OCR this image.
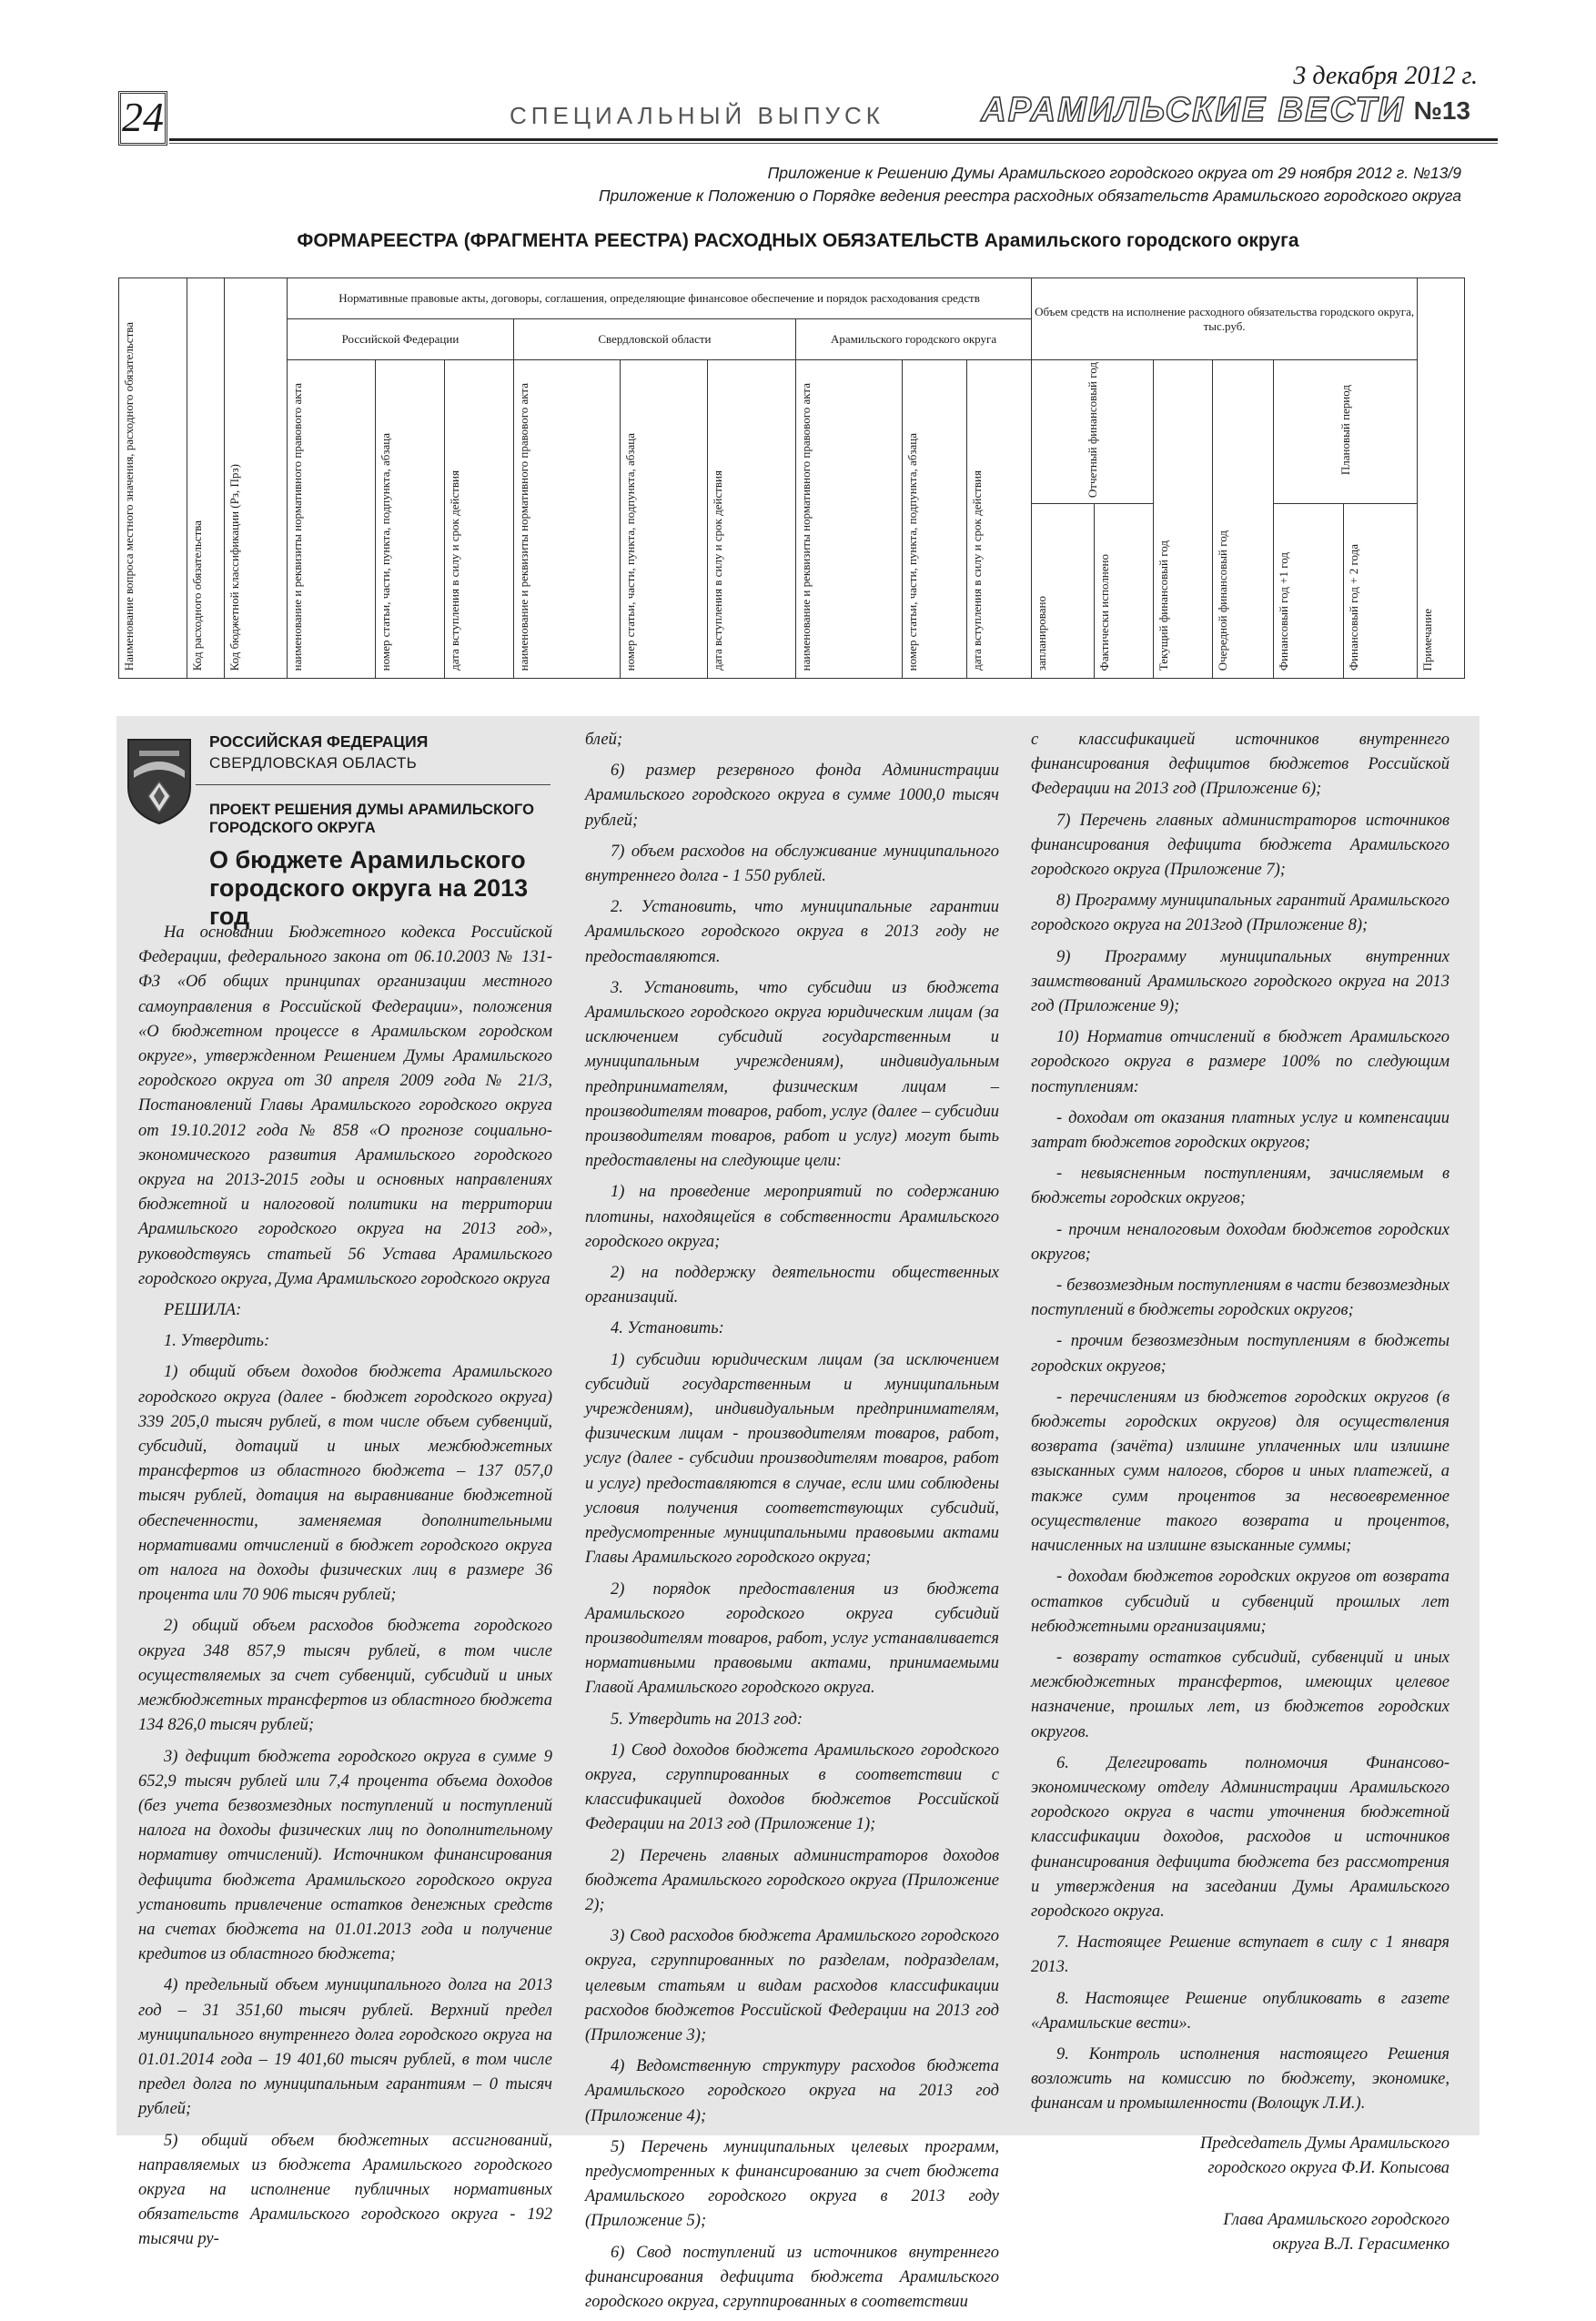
24	СПЕЦИАЛЬНЫЙ ВЫПУСК
3 декабря 2012 г.
АРАМИЛЬСКИЕ ВЕСТИ №13
Приложение к Решению Думы Арамильского городского округа от 29 ноября 2012 г. №13/9
Приложение к Положению о Порядке ведения реестра расходных обязательств Арамильского городского округа
ФОРМАРЕЕСТРА (ФРАГМЕНТА РЕЕСТРА) РАСХОДНЫХ ОБЯЗАТЕЛЬСТВ Арамильского городского округа
Наименование вопроса местного значения, расходного обязательства	Код расходного обязательства	Код бюджетной классификации (Рз, Прз)	Нормативные правовые акты, договоры, соглашения, определяющие финансовое обеспечение и порядок расходования средств									Объем средств на исполнение расходного обязательства городского округа, тыс.руб.						Примечание

			Российской Федерации			Свердловской области			Арамильского городского округа									

			наименование и реквизиты нормативного правового акта	номер статьи, части, пункта, подпункта, абзаца	дата вступления в силу и срок действия	наименование и реквизиты нормативного правового акта	номер статьи, части, пункта, подпункта, абзаца	дата вступления в силу и срок действия	наименование и реквизиты нормативного правового акта	номер статьи, части, пункта, подпункта, абзаца	дата вступления в силу и срок действия	Отчетный финансовый год		Текущий финансовый год	Очередной финансовый год	Плановый период		

												запланировано	Фактически исполнено			Финансовый год +1 год	Финансовый год + 2 года	
РОССИЙСКАЯ ФЕДЕРАЦИЯ
СВЕРДЛОВСКАЯ ОБЛАСТЬ
ПРОЕКТ РЕШЕНИЯ ДУМЫ АРАМИЛЬСКОГО ГОРОДСКОГО ОКРУГА
О бюджете Арамильского городского округа на 2013 год

На основании Бюджетного кодекса Российской Федерации, федерального закона от 06.10.2003 № 131-ФЗ «Об общих принципах организации местного самоуправления в Российской Федерации», положения «О бюджетном процессе в Арамильском городском округе», утвержденном Решением Думы Арамильского городского округа от 30 апреля 2009 года № 21/3, Постановлений Главы Арамильского городского округа от 19.10.2012 года № 858 «О прогнозе социально-экономического развития Арамильского городского округа на 2013-2015 годы и основных направлениях бюджетной и налоговой политики на территории Арамильского городского округа на 2013 год», руководствуясь статьей 56 Устава Арамильского городского округа, Дума Арамильского городского округа

РЕШИЛА:

1. Утвердить:

1) общий объем доходов бюджета Арамильского городского округа (далее - бюджет городского округа) 339 205,0 тысяч рублей, в том числе объем субвенций, субсидий, дотаций и иных межбюджетных трансфертов из областного бюджета – 137 057,0 тысяч рублей, дотация на выравнивание бюджетной обеспеченности, заменяемая дополнительными нормативами отчислений в бюджет городского округа от налога на доходы физических лиц в размере 36 процента или 70 906 тысяч рублей;

2) общий объем расходов бюджета городского округа 348 857,9 тысяч рублей, в том числе осуществляемых за счет субвенций, субсидий и иных межбюджетных трансфертов из областного бюджета 134 826,0 тысяч рублей;

3) дефицит бюджета городского округа в сумме 9 652,9 тысяч рублей или 7,4 процента объема доходов (без учета безвозмездных поступлений и поступлений налога на доходы физических лиц по дополнительному нормативу отчислений). Источником финансирования дефицита бюджета Арамильского городского округа установить привлечение остатков денежных средств на счетах бюджета на 01.01.2013 года и получение кредитов из областного бюджета;

4) предельный объем муниципального долга на 2013 год – 31 351,60 тысяч рублей. Верхний предел муниципального внутреннего долга городского округа на 01.01.2014 года – 19 401,60 тысяч рублей, в том числе предел долга по муниципальным гарантиям – 0 тысяч рублей;

5) общий объем бюджетных ассигнований, направляемых из бюджета Арамильского городского округа на исполнение публичных нормативных обязательств Арамильского городского округа - 192 тысячи ру-

блей;

6) размер резервного фонда Администрации Арамильского городского округа в сумме 1000,0 тысяч рублей;

7) объем расходов на обслуживание муниципального внутреннего долга - 1 550 рублей.

2. Установить, что муниципальные гарантии Арамильского городского округа в 2013 году не предоставляются.

3. Установить, что субсидии из бюджета Арамильского городского округа юридическим лицам (за исключением субсидий государственным и муниципальным учреждениям), индивидуальным предпринимателям, физическим лицам – производителям товаров, работ, услуг (далее – субсидии производителям товаров, работ и услуг) могут быть предоставлены на следующие цели:

1) на проведение мероприятий по содержанию плотины, находящейся в собственности Арамильского городского округа;

2) на поддержку деятельности общественных организаций.

4. Установить:

1) субсидии юридическим лицам (за исключением субсидий государственным и муниципальным учреждениям), индивидуальным предпринимателям, физическим лицам - производителям товаров, работ, услуг (далее - субсидии производителям товаров, работ и услуг) предоставляются в случае, если ими соблюдены условия получения соответствующих субсидий, предусмотренные муниципальными правовыми актами Главы Арамильского городского округа;

2) порядок предоставления из бюджета Арамильского городского округа субсидий производителям товаров, работ, услуг устанавливается нормативными правовыми актами, принимаемыми Главой Арамильского городского округа.

5. Утвердить на 2013 год:

1) Свод доходов бюджета Арамильского городского округа, сгруппированных в соответствии с классификацией доходов бюджетов Российской Федерации на 2013 год (Приложение 1);

2) Перечень главных администраторов доходов бюджета Арамильского городского округа (Приложение 2);

3) Свод расходов бюджета Арамильского городского округа, сгруппированных по разделам, подразделам, целевым статьям и видам расходов классификации расходов бюджетов Российской Федерации на 2013 год (Приложение 3);

4) Ведомственную структуру расходов бюджета Арамильского городского округа на 2013 год (Приложение 4);

5) Перечень муниципальных целевых программ, предусмотренных к финансированию за счет бюджета Арамильского городского округа в 2013 году (Приложение 5);

6) Свод поступлений из источников внутреннего финансирования дефицита бюджета Арамильского городского округа, сгруппированных в соответствии

с классификацией источников внутреннего финансирования дефицитов бюджетов Российской Федерации на 2013 год (Приложение 6);

7) Перечень главных администраторов источников финансирования дефицита бюджета Арамильского городского округа (Приложение 7);

8) Программу муниципальных гарантий Арамильского городского округа на 2013год (Приложение 8);

9) Программу муниципальных внутренних заимствований Арамильского городского округа на 2013 год (Приложение 9);

10) Норматив отчислений в бюджет Арамильского городского округа в размере 100% по следующим поступлениям:

- доходам от оказания платных услуг и компенсации затрат бюджетов городских округов;

- невыясненным поступлениям, зачисляемым в бюджеты городских округов;

- прочим неналоговым доходам бюджетов городских округов;

- безвозмездным поступлениям в части безвозмездных поступлений в бюджеты городских округов;

- прочим безвозмездным поступлениям в бюджеты городских округов;

- перечислениям из бюджетов городских округов (в бюджеты городских округов) для осуществления возврата (зачёта) излишне уплаченных или излишне взысканных сумм налогов, сборов и иных платежей, а также сумм процентов за несвоевременное осуществление такого возврата и процентов, начисленных на излишне взысканные суммы;

- доходам бюджетов городских округов от возврата остатков субсидий и субвенций прошлых лет небюджетными организациями;

- возврату остатков субсидий, субвенций и иных межбюджетных трансфертов, имеющих целевое назначение, прошлых лет, из бюджетов городских округов.

6. Делегировать полномочия Финансово-экономическому отделу Администрации Арамильского городского округа в части уточнения бюджетной классификации доходов, расходов и источников финансирования дефицита бюджета без рассмотрения и утверждения на заседании Думы Арамильского городского округа.

7. Настоящее Решение вступает в силу с 1 января 2013.

8. Настоящее Решение опубликовать в газете «Арамильские вести».

9. Контроль исполнения настоящего Решения возложить на комиссию по бюджету, экономике, финансам и промышленности (Волощук Л.И.).

Председатель Думы Арамильского
городского округа Ф.И. Копысова

Глава Арамильского городского
округа В.Л. Герасименко
